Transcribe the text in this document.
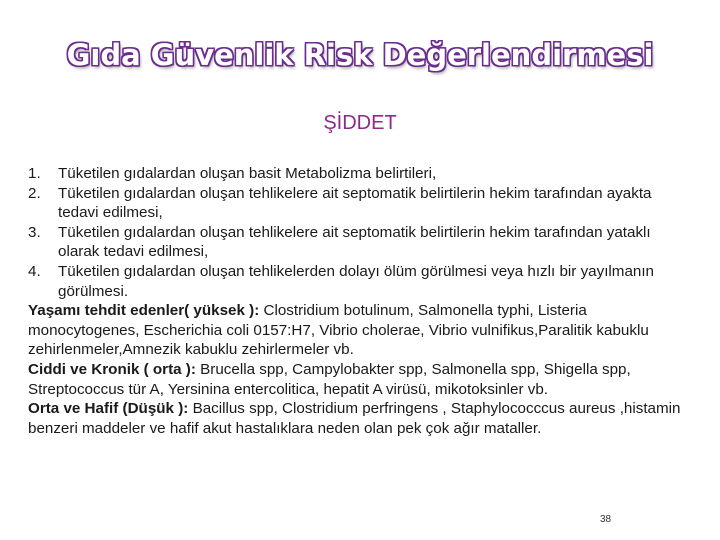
Gıda Güvenlik Risk Değerlendirmesi
ŞİDDET
1.	Tüketilen gıdalardan oluşan basit Metabolizma belirtileri,
2.	Tüketilen gıdalardan oluşan tehlikelere ait septomatik belirtilerin hekim tarafından ayakta tedavi edilmesi,
3.	Tüketilen gıdalardan oluşan tehlikelere ait septomatik belirtilerin hekim tarafından yataklı olarak tedavi edilmesi,
4.	Tüketilen gıdalardan oluşan tehlikelerden dolayı ölüm görülmesi veya hızlı bir yayılmanın görülmesi.

Yaşamı tehdit edenler( yüksek ): Clostridium botulinum, Salmonella typhi, Listeria monocytogenes, Escherichia coli 0157:H7, Vibrio cholerae, Vibrio vulnifikus,Paralitik kabuklu zehirlenmeler,Amnezik kabuklu zehirlermeler vb.

Ciddi ve Kronik ( orta ): Brucella spp, Campylobakter spp, Salmonella spp, Shigella spp, Streptococcus tür A, Yersinina entercolitica, hepatit A virüsü, mikotoksinler vb.

Orta ve Hafif (Düşük ): Bacillus spp, Clostridium perfringens , Staphylococccus aureus ,histamin benzeri maddeler ve hafif akut hastalıklara neden olan pek çok ağır mataller.

38
